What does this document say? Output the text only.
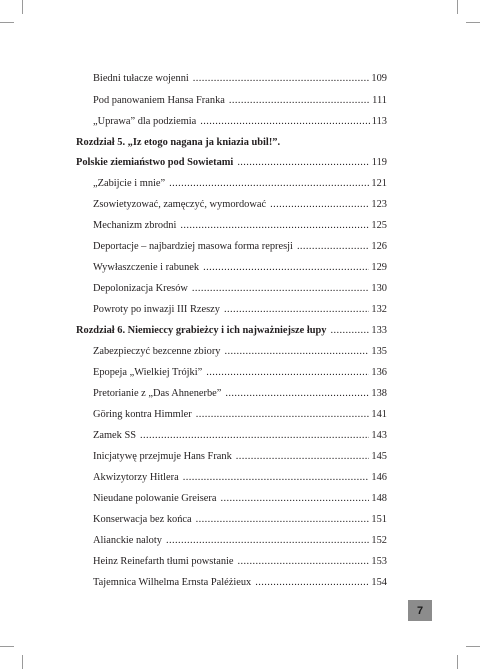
Biedni tułacze wojenni .....	109
Pod panowaniem Hansa Franka .....	111
„Uprawa” dla podziemia .....	113
Rozdział 5. „Iz etogo nagana ja kniazia ubil!”.
Polskie ziemiaństwo pod Sowietami .....	119
„Zabijcie i mnie” .....	121
Zsowietyzować, zamęczyć, wymordować .....	123
Mechanizm zbrodni .....	125
Deportacje – najbardziej masowa forma represji .....	126
Wywłaszczenie i rabunek .....	129
Depolonizacja Kresów .....	130
Powroty po inwazji III Rzeszy .....	132
Rozdział 6. Niemieccy grabieżcy i ich najważniejsze łupy .....	133
Zabezpieczyć bezcenne zbiory .....	135
Epopeja „Wielkiej Trójki” .....	136
Pretorianie z „Das Ahnenerbe” .....	138
Göring kontra Himmler .....	141
Zamek SS .....	143
Inicjatywę przejmuje Hans Frank .....	145
Akwizytorzy Hitlera .....	146
Nieudane polowanie Greisera .....	148
Konserwacja bez końca .....	151
Alianckie naloty .....	152
Heinz Reinefarth tłumi powstanie .....	153
Tajemnica Wilhelma Ernsta Paléżieux .....	154
7
